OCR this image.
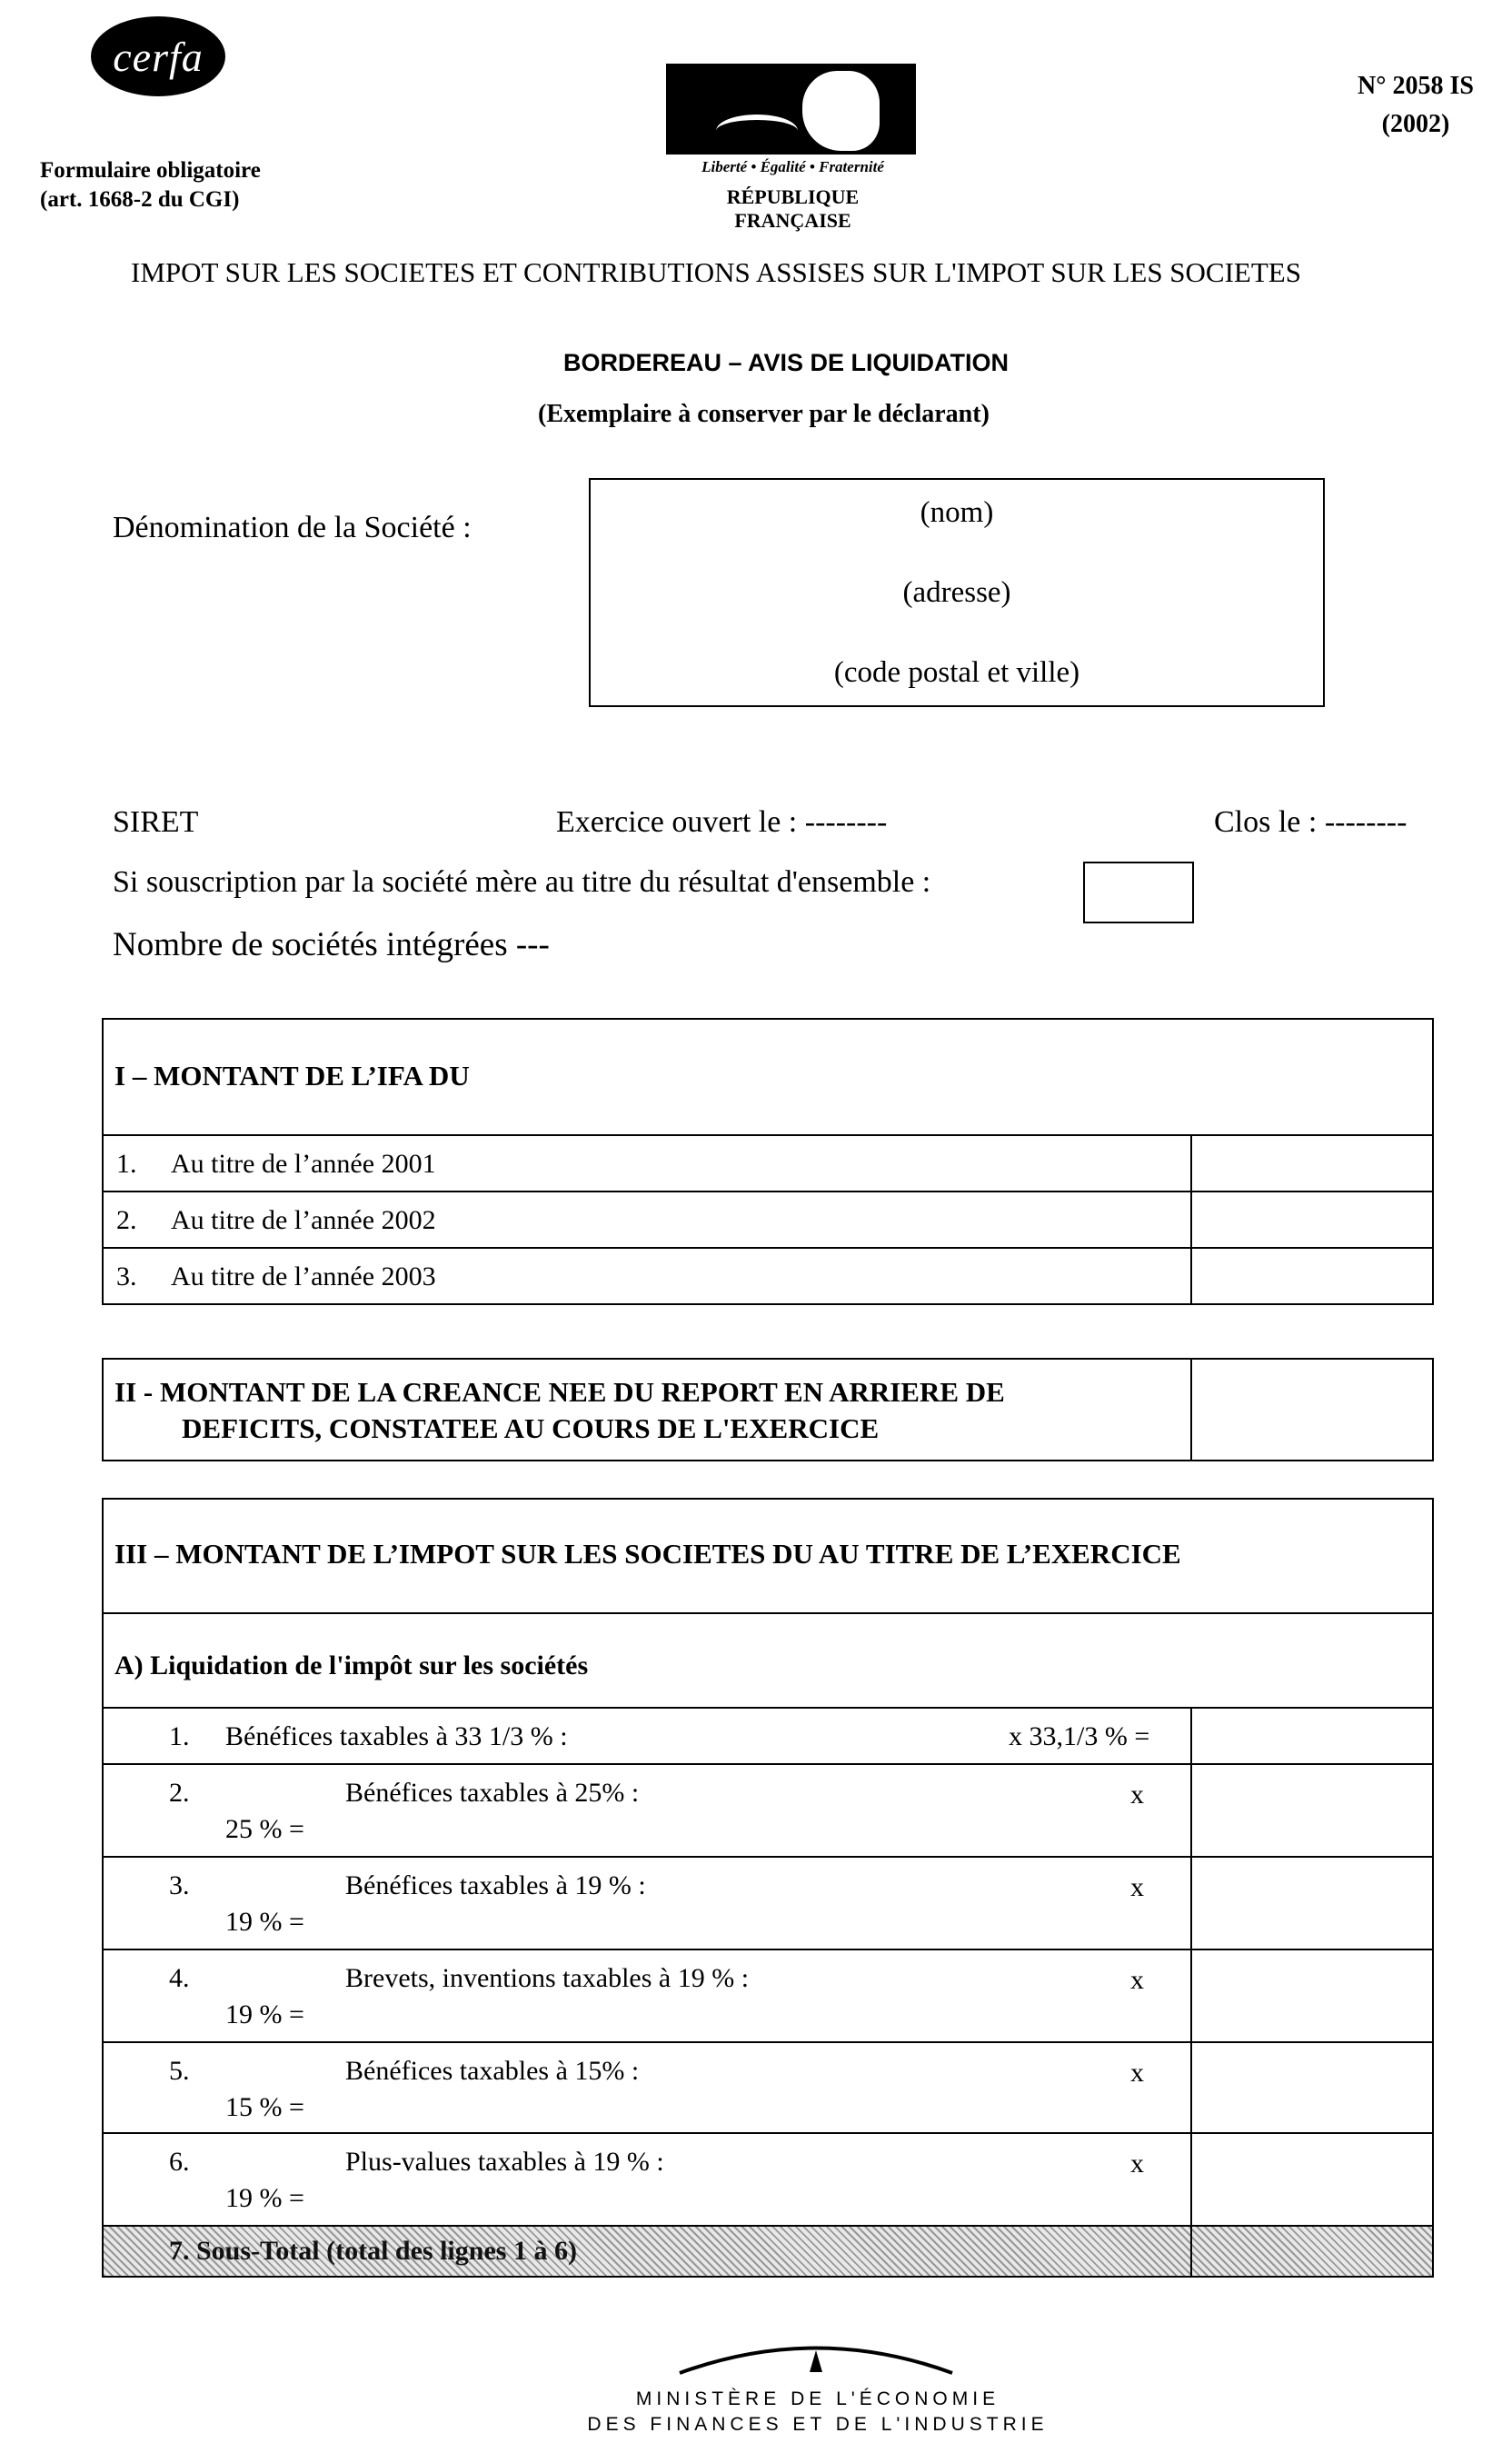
cerfa
Formulaire obligatoire
(art. 1668-2 du CGI)
Liberté • Égalité • Fraternité
RÉPUBLIQUE FRANÇAISE
N° 2058 IS
(2002)
IMPOT SUR LES SOCIETES ET CONTRIBUTIONS ASSISES SUR L'IMPOT SUR LES SOCIETES
BORDEREAU – AVIS DE LIQUIDATION
(Exemplaire à conserver par le déclarant)
Dénomination de la Société :	(nom)
(adresse)
(code postal et ville)
SIRET	Exercice ouvert le : --------	Clos le : --------
Si souscription par la société mère au titre du résultat d'ensemble :
Nombre de sociétés intégrées ---
I – MONTANT DE L’IFA DU
1. Au titre de l’année 2001
2. Au titre de l’année 2002
3. Au titre de l’année 2003
II - MONTANT DE LA CREANCE NEE DU REPORT EN ARRIERE DE
DEFICITS, CONSTATEE AU COURS DE L'EXERCICE
III – MONTANT DE L’IMPOT SUR LES SOCIETES DU AU TITRE DE L’EXERCICE
A) Liquidation de l'impôt sur les sociétés
1. Bénéfices taxables à 33 1/3 % :	x 33,1/3 % =
2.	Bénéfices taxables à 25% :	x
25 % =
3.	Bénéfices taxables à 19 % :	x
19 % =
4.	Brevets, inventions taxables à 19 % :	x
19 % =
5.	Bénéfices taxables à 15% :	x
15 % =
6.	Plus-values taxables à 19 % :	x
19 % =
7. Sous-Total (total des lignes 1 à 6)
MINISTÈRE DE L'ÉCONOMIE
DES FINANCES ET DE L'INDUSTRIE
